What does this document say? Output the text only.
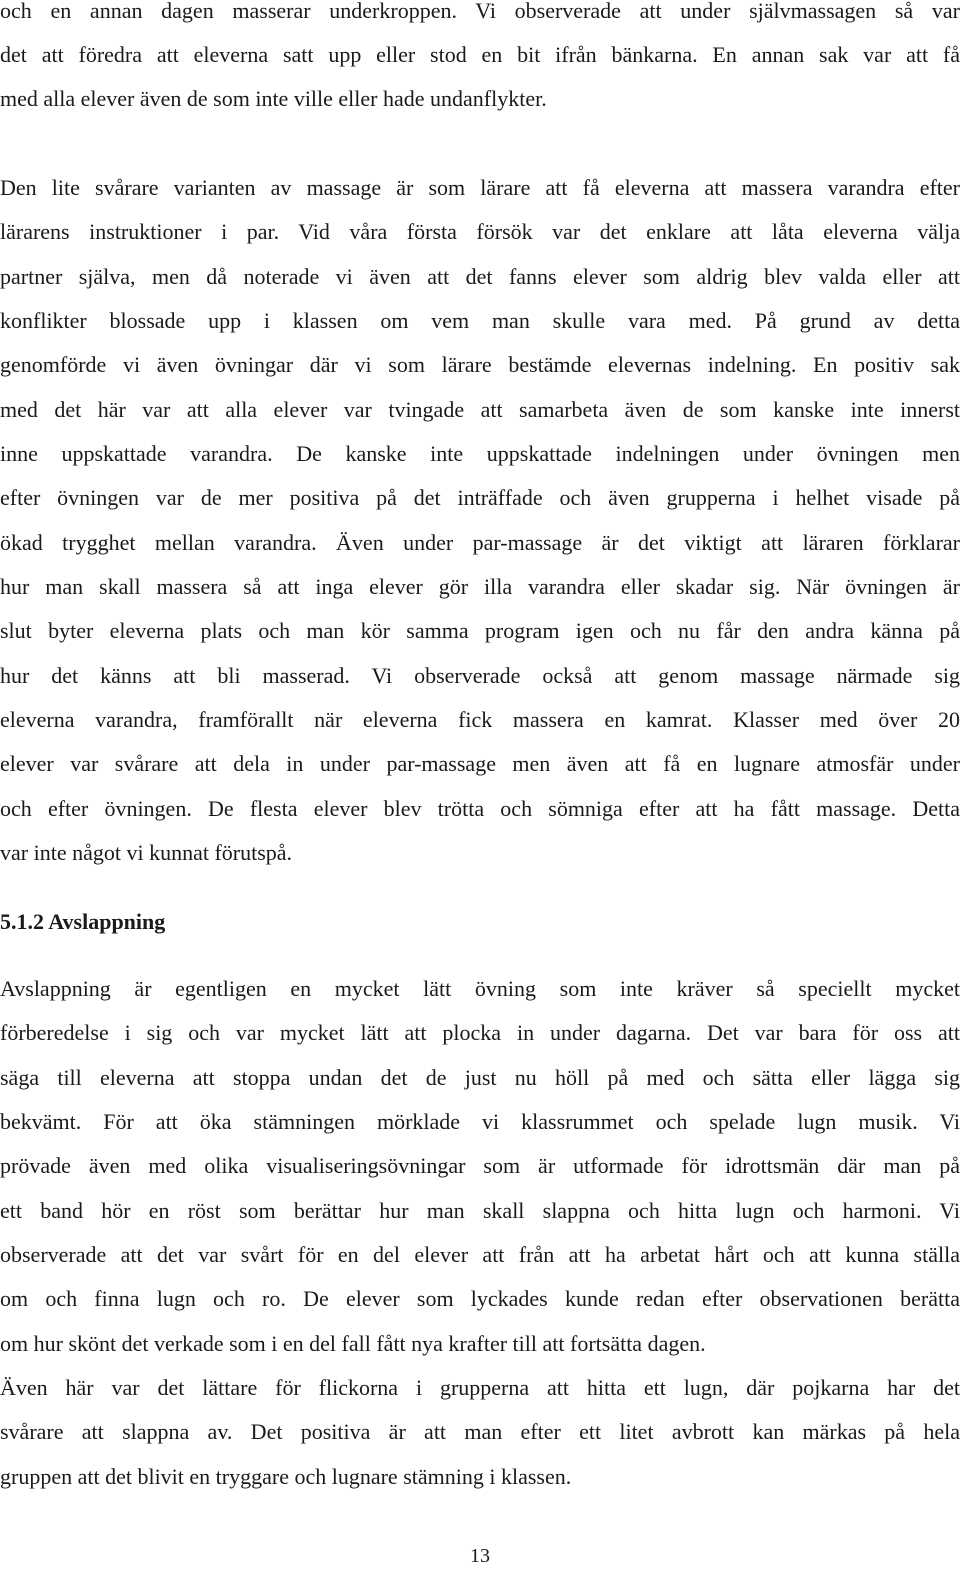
och en annan dagen masserar underkroppen. Vi observerade att under självmassagen så var
det att föredra att eleverna satt upp eller stod en bit ifrån bänkarna. En annan sak var att få
med alla elever även de som inte ville eller hade undanflykter.
Den lite svårare varianten av massage är som lärare att få eleverna att massera varandra efter
lärarens instruktioner i par. Vid våra första försök var det enklare att låta eleverna välja
partner själva, men då noterade vi även att det fanns elever som aldrig blev valda eller att
konflikter blossade upp i klassen om vem man skulle vara med. På grund av detta
genomförde vi även övningar där vi som lärare bestämde elevernas indelning. En positiv sak
med det här var att alla elever var tvingade att samarbeta även de som kanske inte innerst
inne uppskattade varandra. De kanske inte uppskattade indelningen under övningen men
efter övningen var de mer positiva på det inträffade och även grupperna i helhet visade på
ökad trygghet mellan varandra. Även under par-massage är det viktigt att läraren förklarar
hur man skall massera så att inga elever gör illa varandra eller skadar sig. När övningen är
slut byter eleverna plats och man kör samma program igen och nu får den andra känna på
hur det känns att bli masserad. Vi observerade också att genom massage närmade sig
eleverna varandra, framförallt när eleverna fick massera en kamrat. Klasser med över 20
elever var svårare att dela in under par-massage men även att få en lugnare atmosfär under
och efter övningen. De flesta elever blev trötta och sömniga efter att ha fått massage. Detta
var inte något vi kunnat förutspå.
5.1.2 Avslappning
Avslappning är egentligen en mycket lätt övning som inte kräver så speciellt mycket
förberedelse i sig och var mycket lätt att plocka in under dagarna. Det var bara för oss att
säga till eleverna att stoppa undan det de just nu höll på med och sätta eller lägga sig
bekvämt. För att öka stämningen mörklade vi klassrummet och spelade lugn musik. Vi
prövade även med olika visualiseringsövningar som är utformade för idrottsmän där man på
ett band hör en röst som berättar hur man skall slappna och hitta lugn och harmoni. Vi
observerade att det var svårt för en del elever att från att ha arbetat hårt och att kunna ställa
om och finna lugn och ro. De elever som lyckades kunde redan efter observationen berätta
om hur skönt det verkade som i en del fall fått nya krafter till att fortsätta dagen.
Även här var det lättare för flickorna i grupperna att hitta ett lugn, där pojkarna har det
svårare att slappna av. Det positiva är att man efter ett litet avbrott kan märkas på hela
gruppen att det blivit en tryggare och lugnare stämning i klassen.
13
